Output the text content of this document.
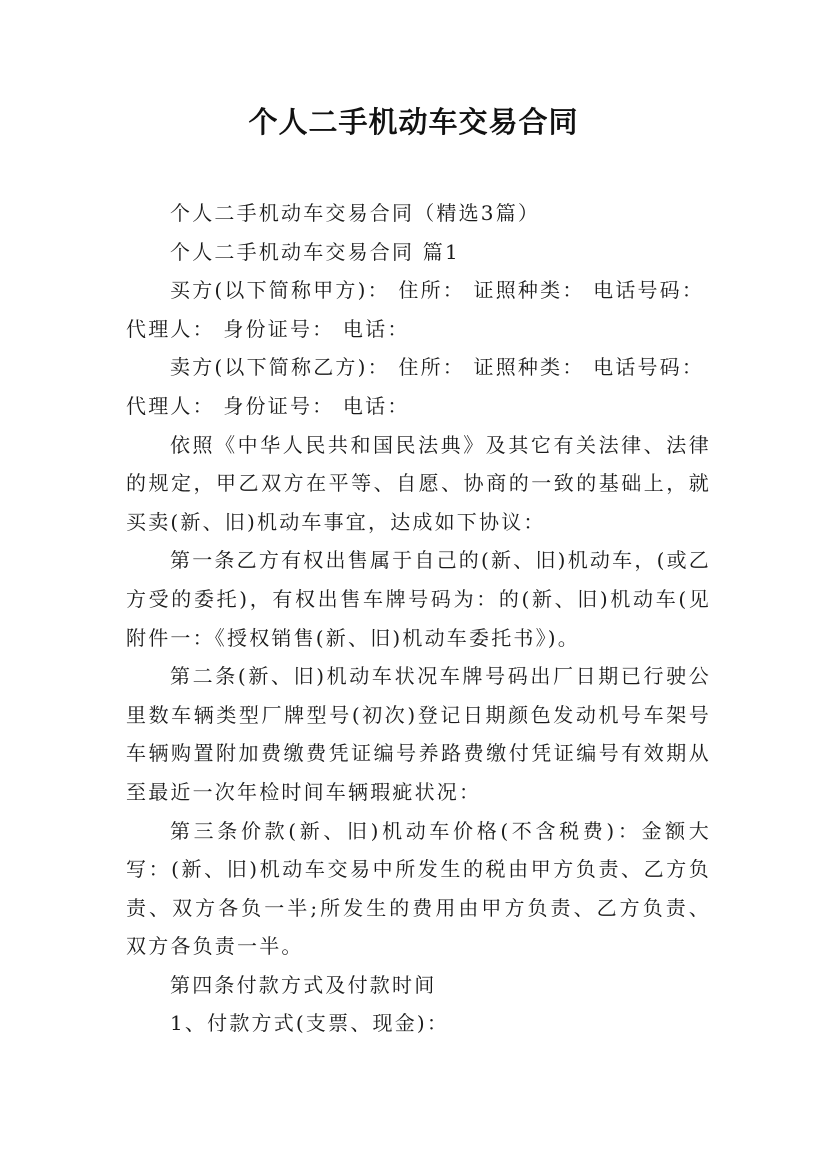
个人二手机动车交易合同

个人二手机动车交易合同（精选3篇）

个人二手机动车交易合同 篇1

买方(以下简称甲方)： 住所： 证照种类： 电话号码：

代理人： 身份证号： 电话：

卖方(以下简称乙方)： 住所： 证照种类： 电话号码：

代理人： 身份证号： 电话：

依照《中华人民共和国民法典》及其它有关法律、法律的规定，甲乙双方在平等、自愿、协商的一致的基础上，就买卖(新、旧)机动车事宜，达成如下协议：

第一条乙方有权出售属于自己的(新、旧)机动车，(或乙方受的委托)，有权出售车牌号码为：的(新、旧)机动车(见附件一：《授权销售(新、旧)机动车委托书》)。

第二条(新、旧)机动车状况车牌号码出厂日期已行驶公里数车辆类型厂牌型号(初次)登记日期颜色发动机号车架号车辆购置附加费缴费凭证编号养路费缴付凭证编号有效期从至最近一次年检时间车辆瑕疵状况：

第三条价款(新、旧)机动车价格(不含税费)：金额大写：(新、旧)机动车交易中所发生的税由甲方负责、乙方负责、双方各负一半;所发生的费用由甲方负责、乙方负责、双方各负责一半。

第四条付款方式及付款时间

1、付款方式(支票、现金)：
